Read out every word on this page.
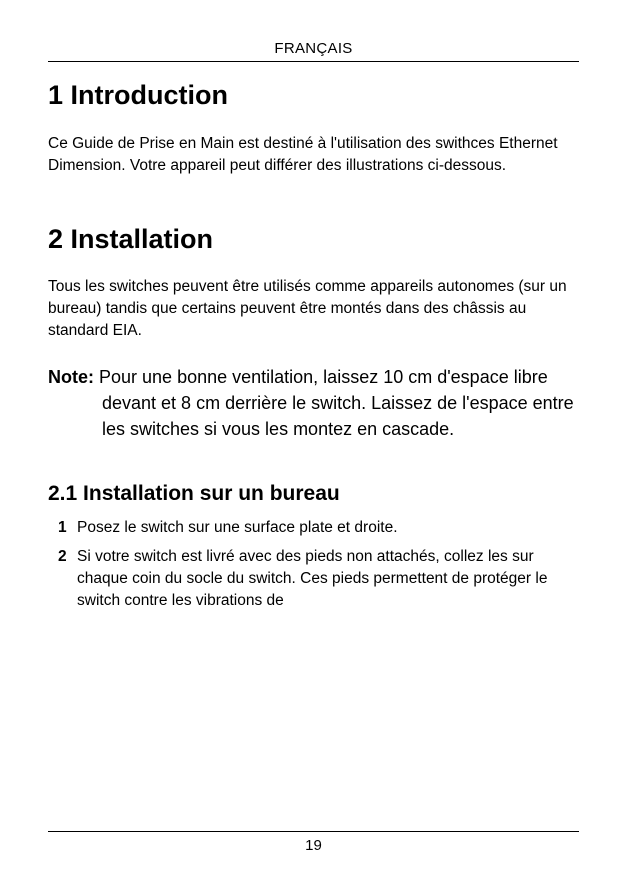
FRANÇAIS
1 Introduction

Ce Guide de Prise en Main est destiné à l'utilisation des swithces Ethernet Dimension. Votre appareil peut différer des illustrations ci-dessous.

2 Installation

Tous les switches peuvent être utilisés comme appareils autonomes (sur un bureau) tandis que certains peuvent être montés dans des châssis au standard EIA.

Note: Pour une bonne ventilation, laissez 10 cm d'espace libre devant et 8 cm derrière le switch. Laissez de l'espace entre les switches si vous les montez en cascade.
2.1 Installation sur un bureau
1 Posez le switch sur une surface plate et droite.
2 Si votre switch est livré avec des pieds non attachés, collez les sur chaque coin du socle du switch. Ces pieds permettent de protéger le switch contre les vibrations de
19
